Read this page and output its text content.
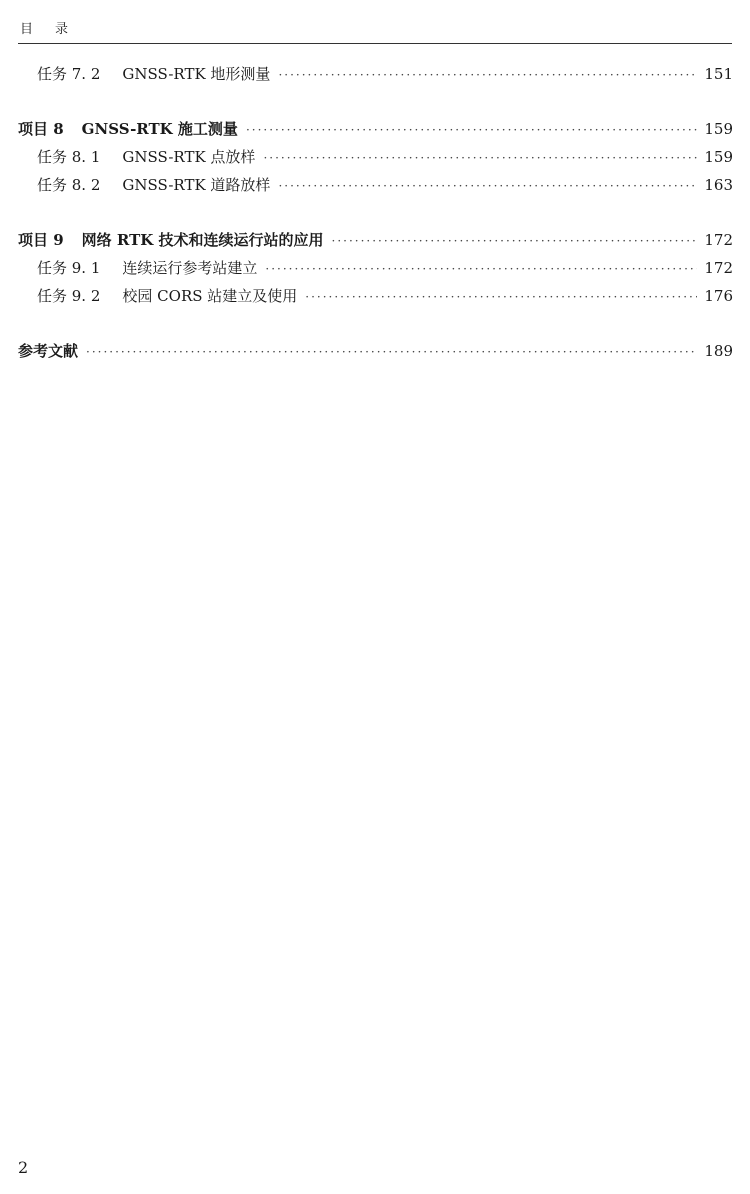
目录
任务 7. 2 GNSS-RTK 地形测量 ·····	151
项目 8 GNSS-RTK 施工测量 ·····	159
任务 8. 1 GNSS-RTK 点放样 ·····	159
任务 8. 2 GNSS-RTK 道路放样 ·····	163
项目 9 网络 RTK 技术和连续运行站的应用 ·····	172
任务 9. 1 连续运行参考站建立 ·····	172
任务 9. 2 校园 CORS 站建立及使用 ·····	176
参考文献 ·····	189
2
